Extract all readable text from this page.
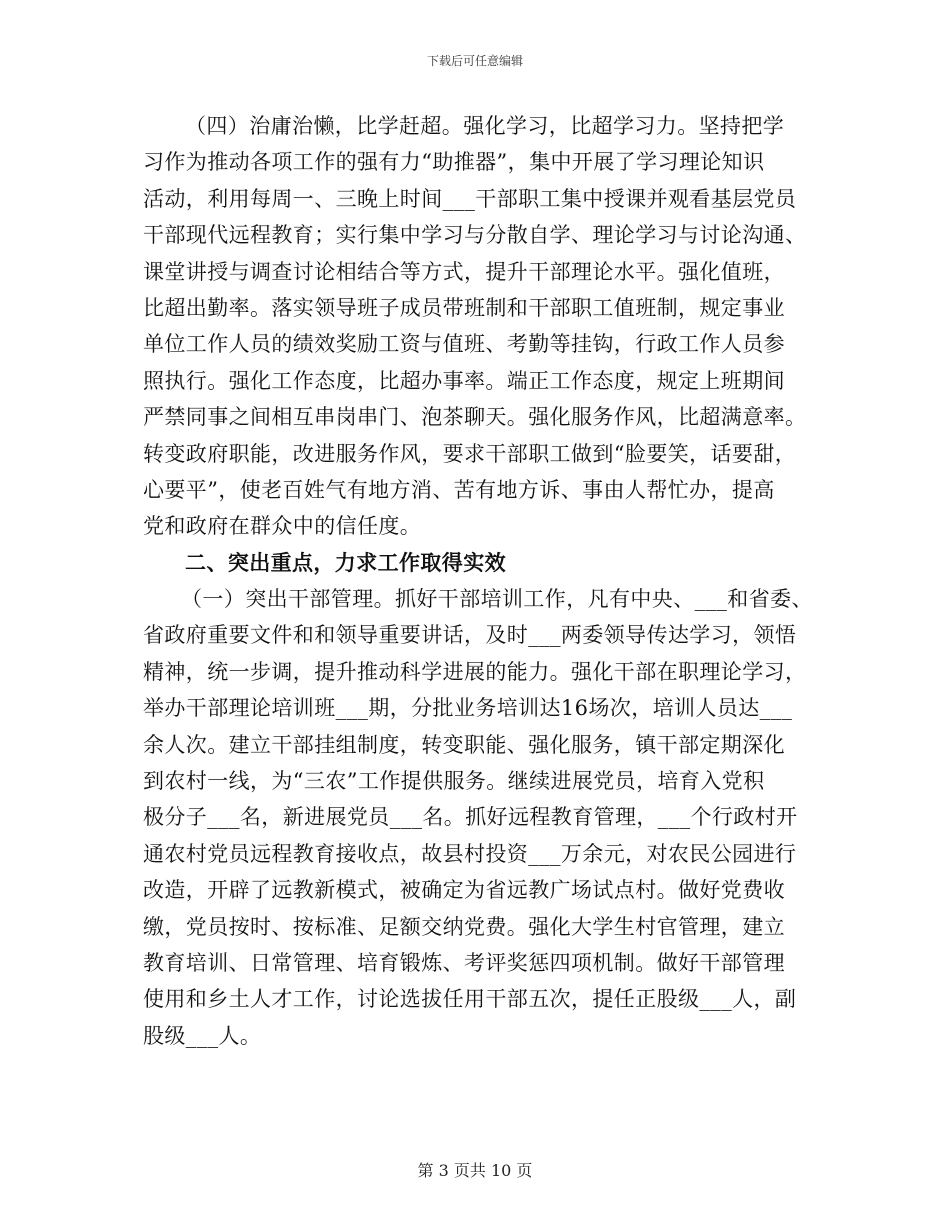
下载后可任意编辑
（四）治庸治懒，比学赶超。强化学习，比超学习力。坚持把学
习作为推动各项工作的强有力“助推器”，集中开展了学习理论知识
活动，利用每周一、三晚上时间___干部职工集中授课并观看基层党员
干部现代远程教育；实行集中学习与分散自学、理论学习与讨论沟通、
课堂讲授与调查讨论相结合等方式，提升干部理论水平。强化值班，
比超出勤率。落实领导班子成员带班制和干部职工值班制，规定事业
单位工作人员的绩效奖励工资与值班、考勤等挂钩，行政工作人员参
照执行。强化工作态度，比超办事率。端正工作态度，规定上班期间
严禁同事之间相互串岗串门、泡茶聊天。强化服务作风，比超满意率。
转变政府职能，改进服务作风，要求干部职工做到“脸要笑，话要甜，
心要平”，使老百姓气有地方消、苦有地方诉、事由人帮忙办，提高
党和政府在群众中的信任度。
二、突出重点，力求工作取得实效
（一）突出干部管理。抓好干部培训工作，凡有中央、___和省委、
省政府重要文件和和领导重要讲话，及时___两委领导传达学习，领悟
精神，统一步调，提升推动科学进展的能力。强化干部在职理论学习，
举办干部理论培训班___期，分批业务培训达16场次，培训人员达___
余人次。建立干部挂组制度，转变职能、强化服务，镇干部定期深化
到农村一线，为“三农”工作提供服务。继续进展党员，培育入党积
极分子___名，新进展党员___名。抓好远程教育管理，___个行政村开
通农村党员远程教育接收点，故县村投资___万余元，对农民公园进行
改造，开辟了远教新模式，被确定为省远教广场试点村。做好党费收
缴，党员按时、按标准、足额交纳党费。强化大学生村官管理，建立
教育培训、日常管理、培育锻炼、考评奖惩四项机制。做好干部管理
使用和乡土人才工作，讨论选拔任用干部五次，提任正股级___人，副
股级___人。
第 3 页共 10 页
